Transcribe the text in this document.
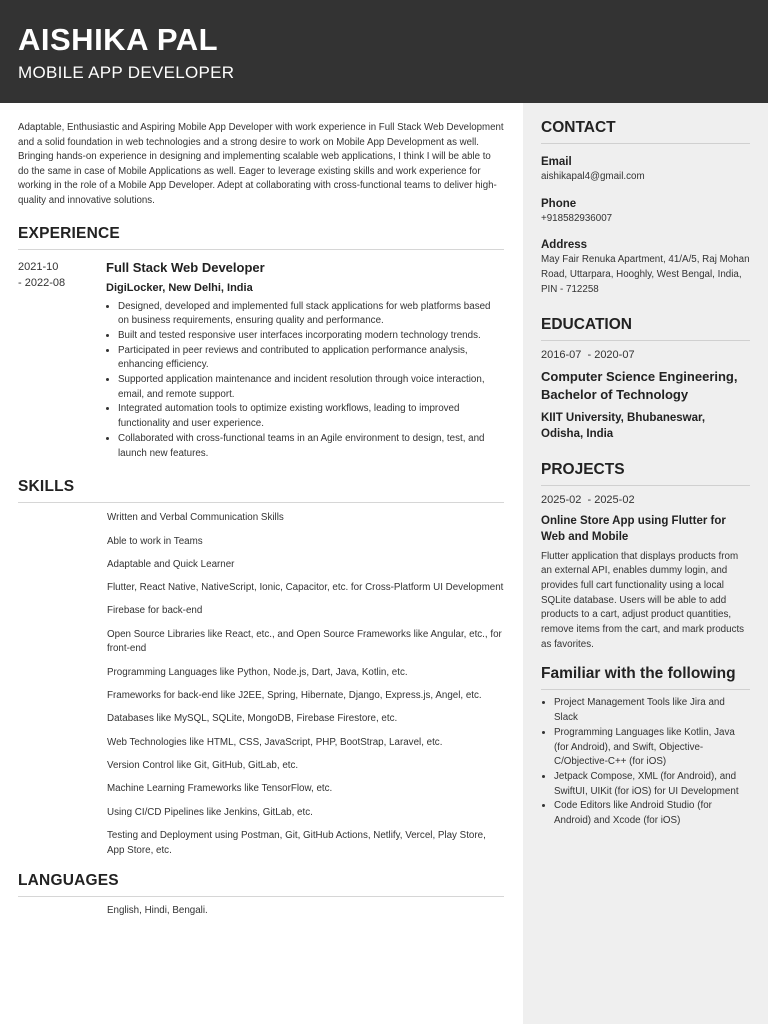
AISHIKA PAL
MOBILE APP DEVELOPER
CONTACT
Email
aishikapal4@gmail.com
Phone
+918582936007
Address
May Fair Renuka Apartment, 41/A/5, Raj Mohan Road, Uttarpara, Hooghly, West Bengal, India, PIN - 712258
EDUCATION
2016-07  - 2020-07
Computer Science Engineering, Bachelor of Technology
KIIT University, Bhubaneswar, Odisha, India
PROJECTS
2025-02  - 2025-02
Online Store App using Flutter for Web and Mobile
Flutter application that displays products from an external API, enables dummy login, and provides full cart functionality using a local SQLite database. Users will be able to add products to a cart, adjust product quantities, remove items from the cart, and mark products as favorites.
Familiar with the following
• Project Management Tools like Jira and Slack
• Programming Languages like Kotlin, Java (for Android), and Swift, Objective-C/Objective-C++ (for iOS)
• Jetpack Compose, XML (for Android), and SwiftUI, UIKit (for iOS) for UI Development
• Code Editors like Android Studio (for Android) and Xcode (for iOS)

Adaptable, Enthusiastic and Aspiring Mobile App Developer with work experience in Full Stack Web Development and a solid foundation in web technologies and a strong desire to work on Mobile App Development as well. Bringing hands-on experience in designing and implementing scalable web applications, I think I will be able to do the same in case of Mobile Applications as well. Eager to leverage existing skills and work experience for working in the role of a Mobile App Developer. Adept at collaborating with cross-functional teams to deliver high-quality and innovative solutions.

EXPERIENCE
2021-10
- 2022-08
Full Stack Web Developer
DigiLocker, New Delhi, India
• Designed, developed and implemented full stack applications for web platforms based on business requirements, ensuring quality and performance.
• Built and tested responsive user interfaces incorporating modern technology trends.
• Participated in peer reviews and contributed to application performance analysis, enhancing efficiency.
• Supported application maintenance and incident resolution through voice interaction, email, and remote support.
• Integrated automation tools to optimize existing workflows, leading to improved functionality and user experience.
• Collaborated with cross-functional teams in an Agile environment to design, test, and launch new features.
SKILLS
Written and Verbal Communication Skills
Able to work in Teams
Adaptable and Quick Learner
Flutter, React Native, NativeScript, Ionic, Capacitor, etc. for Cross-Platform UI Development
Firebase for back-end
Open Source Libraries like React, etc., and Open Source Frameworks like Angular, etc., for front-end
Programming Languages like Python, Node.js, Dart, Java, Kotlin, etc.
Frameworks for back-end like J2EE, Spring, Hibernate, Django, Express.js, Angel, etc.
Databases like MySQL, SQLite, MongoDB, Firebase Firestore, etc.
Web Technologies like HTML, CSS, JavaScript, PHP, BootStrap, Laravel, etc.
Version Control like Git, GitHub, GitLab, etc.
Machine Learning Frameworks like TensorFlow, etc.
Using CI/CD Pipelines like Jenkins, GitLab, etc.
Testing and Deployment using Postman, Git, GitHub Actions, Netlify, Vercel, Play Store, App Store, etc.
LANGUAGES
English, Hindi, Bengali.
